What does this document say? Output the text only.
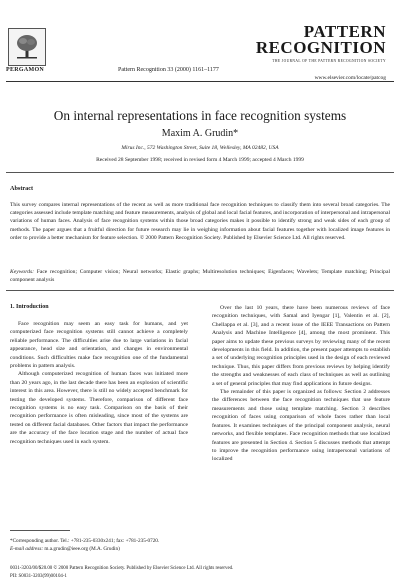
PERGAMON	Pattern Recognition 33 (2000) 1161–1177
PATTERN
RECOGNITION
THE JOURNAL OF THE PATTERN RECOGNITION SOCIETY
www.elsevier.com/locate/patcog
On internal representations in face recognition systems
Maxim A. Grudin*
Mirus Inc., 572 Washington Street, Suite 18, Wellesley, MA 02482, USA
Received 28 September 1998; received in revised form 4 March 1999; accepted 4 March 1999
Abstract
This survey compares internal representations of the recent as well as more traditional face recognition techniques to classify them into several broad categories. The categories assessed include template matching and feature measurements, analysis of global and local facial features, and incorporation of interpersonal and intrapersonal variations of human faces. Analysis of face recognition systems within those broad categories makes it possible to identify strong and weak sides of each group of methods. The paper argues that a fruitful direction for future research may lie in weighing information about facial features together with localized image features in order to provide a better mechanism for feature selection. © 2000 Pattern Recognition Society. Published by Elsevier Science Ltd. All rights reserved.
Keywords: Face recognition; Computer vision; Neural networks; Elastic graphs; Multiresolution techniques; Eigenfaces; Wavelets; Template matching; Principal component analysis
1. Introduction

Face recognition may seem an easy task for humans, and yet computerized face recognition systems still cannot achieve a completely reliable performance. The difficulties arise due to large variations in facial appearance, head size and orientation, and changes in environmental conditions. Such difficulties make face recognition one of the fundamental problems in pattern analysis.

Although computerized recognition of human faces was initiated more than 20 years ago, in the last decade there has been an explosion of scientific interest in this area. However, there is still no widely accepted benchmark for testing the developed systems. Therefore, comparison of different face recognition systems is no easy task. Comparison on the basis of their recognition performance is often misleading, since most of the systems are tested on different facial databases. Other factors that impact the performance are the accuracy of the face location stage and the number of actual face recognition techniques used in each system.

Over the last 10 years, there have been numerous reviews of face recognition techniques, with Samal and Iyengar [1], Valentin et al. [2], Chellappa et al. [3], and a recent issue of the IEEE Transactions on Pattern Analysis and Machine Intelligence [4], among the most prominent. This paper aims to update these previous surveys by reviewing many of the recent developments in this field. In addition, the present paper attempts to establish a set of underlying recognition principles used in the design of each reviewed technique. Thus, this paper differs from previous reviews by helping identify the strengths and weaknesses of each class of techniques as well as outlining a set of general principles that may find applications in future designs.

The remainder of this paper is organized as follows: Section 2 addresses the differences between the face recognition techniques that use feature measurements and those using template matching. Section 3 describes recognition of faces using comparison of whole faces rather than local features. It examines techniques of the principal component analysis, neural networks, and flexible templates. Face recognition methods that use localized features are presented in Section 4. Section 5 discusses methods that attempt to improve the recognition performance using intrapersonal variations of localized

*Corresponding author. Tel.: +781-235-0330x241; fax: +781-235-0720.
E-mail address: m.a.grudin@ieee.org (M.A. Grudin)
0031-3203/00/$20.00 © 2000 Pattern Recognition Society. Published by Elsevier Science Ltd. All rights reserved.
PII: S0031-3203(99)00104-1
